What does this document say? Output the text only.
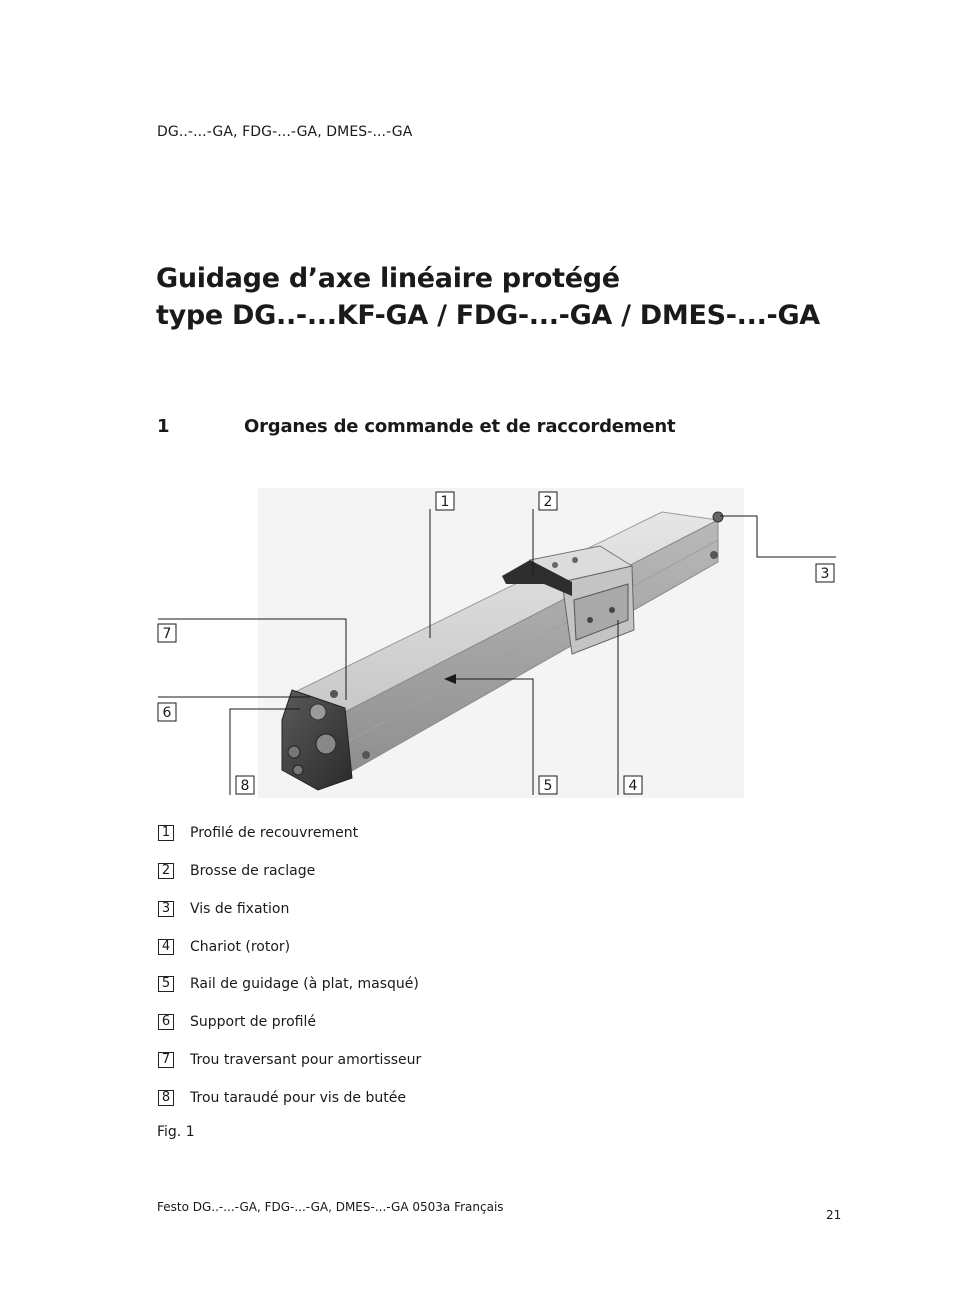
DG..-...-GA, FDG-...-GA, DMES-...-GA
Guidage d’axe linéaire protégé
type DG..-...KF-GA / FDG-...-GA / DMES-...-GA
1	Organes de commande et de raccordement
1	2
3
4
5
6
7
8
1 Profilé de recouvrement
2 Brosse de raclage
3 Vis de fixation
4 Chariot (rotor)
5 Rail de guidage (à plat, masqué)
6 Support de profilé
7 Trou traversant pour amortisseur
8 Trou taraudé pour vis de butée
Fig. 1
Festo DG..-...-GA, FDG-...-GA, DMES-...-GA 0503a Français
21
